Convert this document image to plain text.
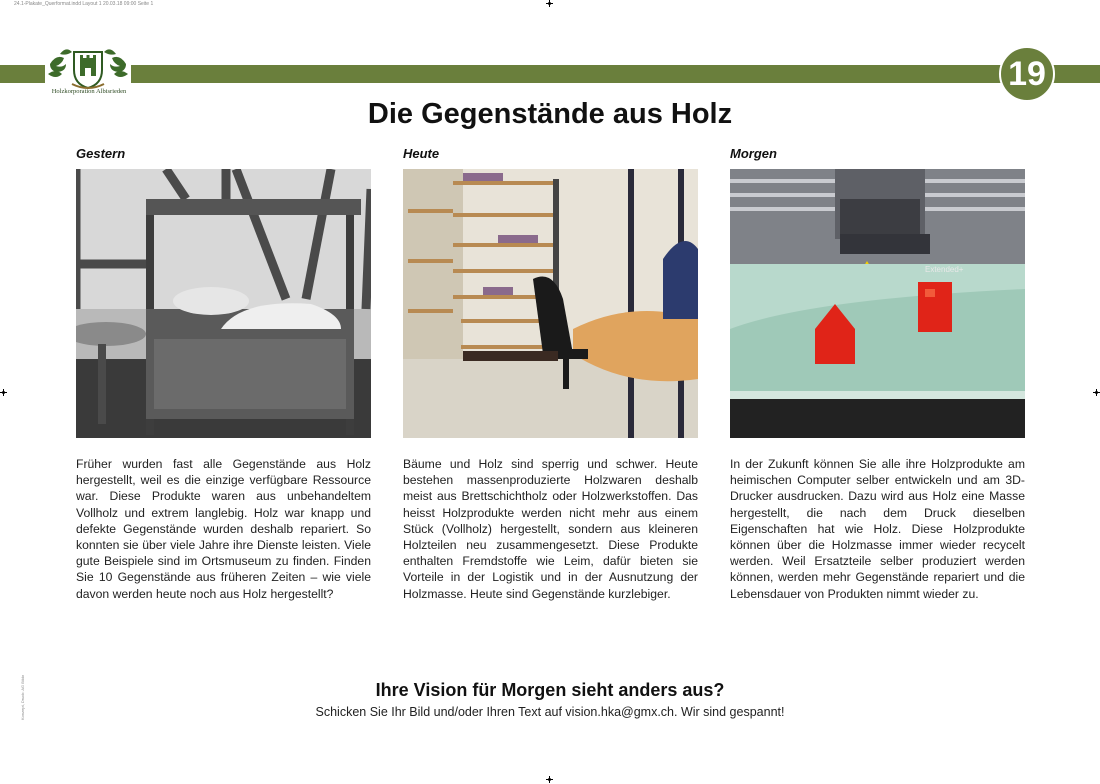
24.1-Plakate_Querformat.indd Layout 1 20.03.18 09:00 Seite 1
Holzkorporation Albisrieden	19
Die Gegenstände aus Holz
Gestern

Früher wurden fast alle Gegenstände aus Holz hergestellt, weil es die einzige verfügbare Ressource war. Diese Produkte waren aus unbehandeltem Vollholz und extrem langlebig. Holz war knapp und defekte Gegenstände wurden deshalb repariert. So konnten sie über viele Jahre ihre Dienste leisten. Viele gute Beispiele sind im Ortsmuseum zu finden. Finden Sie 10 Gegenstände aus früheren Zeiten – wie viele davon werden heute noch aus Holz hergestellt?

Heute

Bäume und Holz sind sperrig und schwer. Heute bestehen massenproduzierte Holzwaren deshalb meist aus Brettschichtholz oder Holzwerkstoffen. Das heisst Holzprodukte werden nicht mehr aus einem Stück (Vollholz) hergestellt, sondern aus kleineren Holzteilen neu zusammengesetzt. Diese Produkte enthalten Fremdstoffe wie Leim, dafür bieten sie Vorteile in der Logistik und in der Ausnutzung der Holzmasse. Heute sind Gegenstände kurzlebiger.

Morgen
Extended+

In der Zukunft können Sie alle ihre Holzprodukte am heimischen Computer selber entwickeln und am 3D-Drucker ausdrucken. Dazu wird aus Holz eine Masse hergestellt, die nach dem Druck dieselben Eigenschaften hat wie Holz. Diese Holzprodukte können über die Holzmasse immer wieder recycelt werden. Weil Ersatzteile selber produziert werden können, werden mehr Gegenstände repariert und die Lebensdauer von Produkten nimmt wieder zu.

Konzept, Druck: AG Bildo	Ihre Vision für Morgen sieht anders aus?
Schicken Sie Ihr Bild und/oder Ihren Text auf vision.hka@gmx.ch. Wir sind gespannt!
